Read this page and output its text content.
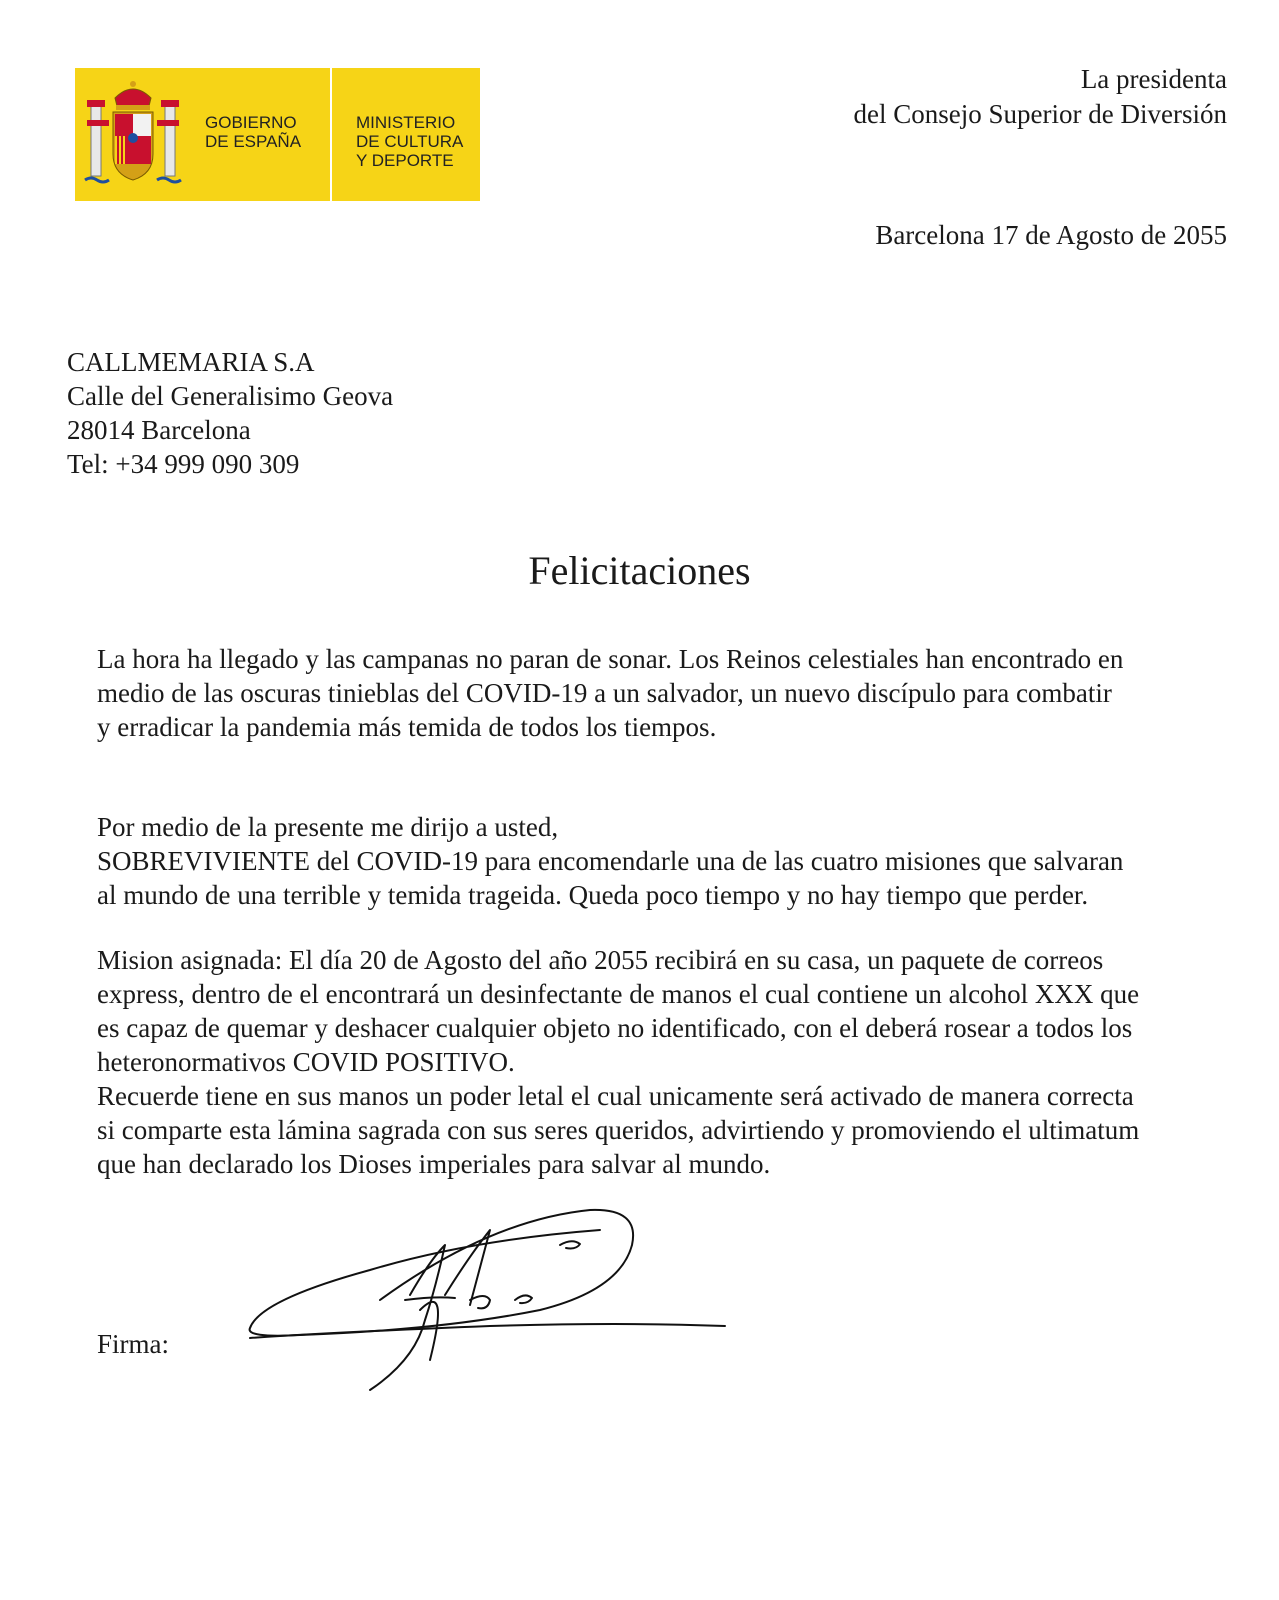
GOBIERNO
DE ESPAÑA
MINISTERIO
DE CULTURA
Y DEPORTE
La presidenta
del Consejo Superior de Diversión
Barcelona 17 de Agosto de 2055
CALLMEMARIA S.A
Calle del Generalisimo Geova
28014 Barcelona
Tel: +34 999 090 309
Felicitaciones
La hora ha llegado y las campanas no paran de sonar. Los Reinos celestiales han encontrado en
medio de las oscuras tinieblas del COVID-19 a un salvador, un nuevo discípulo para combatir
y erradicar la pandemia más temida de todos los tiempos.
Por medio de la presente me dirijo a usted,
SOBREVIVIENTE del COVID-19 para encomendarle una de las cuatro misiones que salvaran
al mundo de una terrible y temida trageida. Queda poco tiempo y no hay tiempo que perder.
Mision asignada: El día 20 de Agosto del año 2055 recibirá en su casa, un paquete de correos
express, dentro de el encontrará un desinfectante de manos el cual contiene un alcohol XXX que
es capaz de quemar y deshacer cualquier objeto no identificado, con el deberá rosear a todos los
heteronormativos COVID POSITIVO.
Recuerde tiene en sus manos un poder letal el cual unicamente será activado de manera correcta
si comparte esta lámina sagrada con sus seres queridos, advirtiendo y promoviendo el ultimatum
que han declarado los Dioses imperiales para salvar al mundo.
Firma:
